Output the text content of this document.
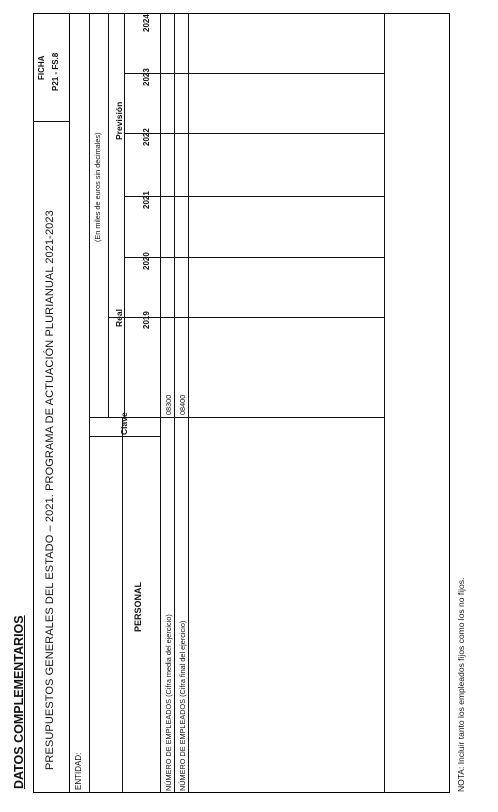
DATOS COMPLEMENTARIOS PRESUPUESTOS GENERALES DEL ESTADO – 2021. PROGRAMA DE ACTUACIÓN PLURIANUAL 2021-2023
FICHA P21 - FS.8
ENTIDAD:
(En miles de euros sin decimales)
PERSONAL
Clave
Real
Previsión
2019
2020
2021
2022
2023
2024
NÚMERO DE EMPLEADOS (Cifra media del ejercicio)
08300
NÚMERO DE EMPLEADOS (Cifra final del ejercicio)
08400
NOTA: Incluir tanto los empleados fijos como los no fijos.
